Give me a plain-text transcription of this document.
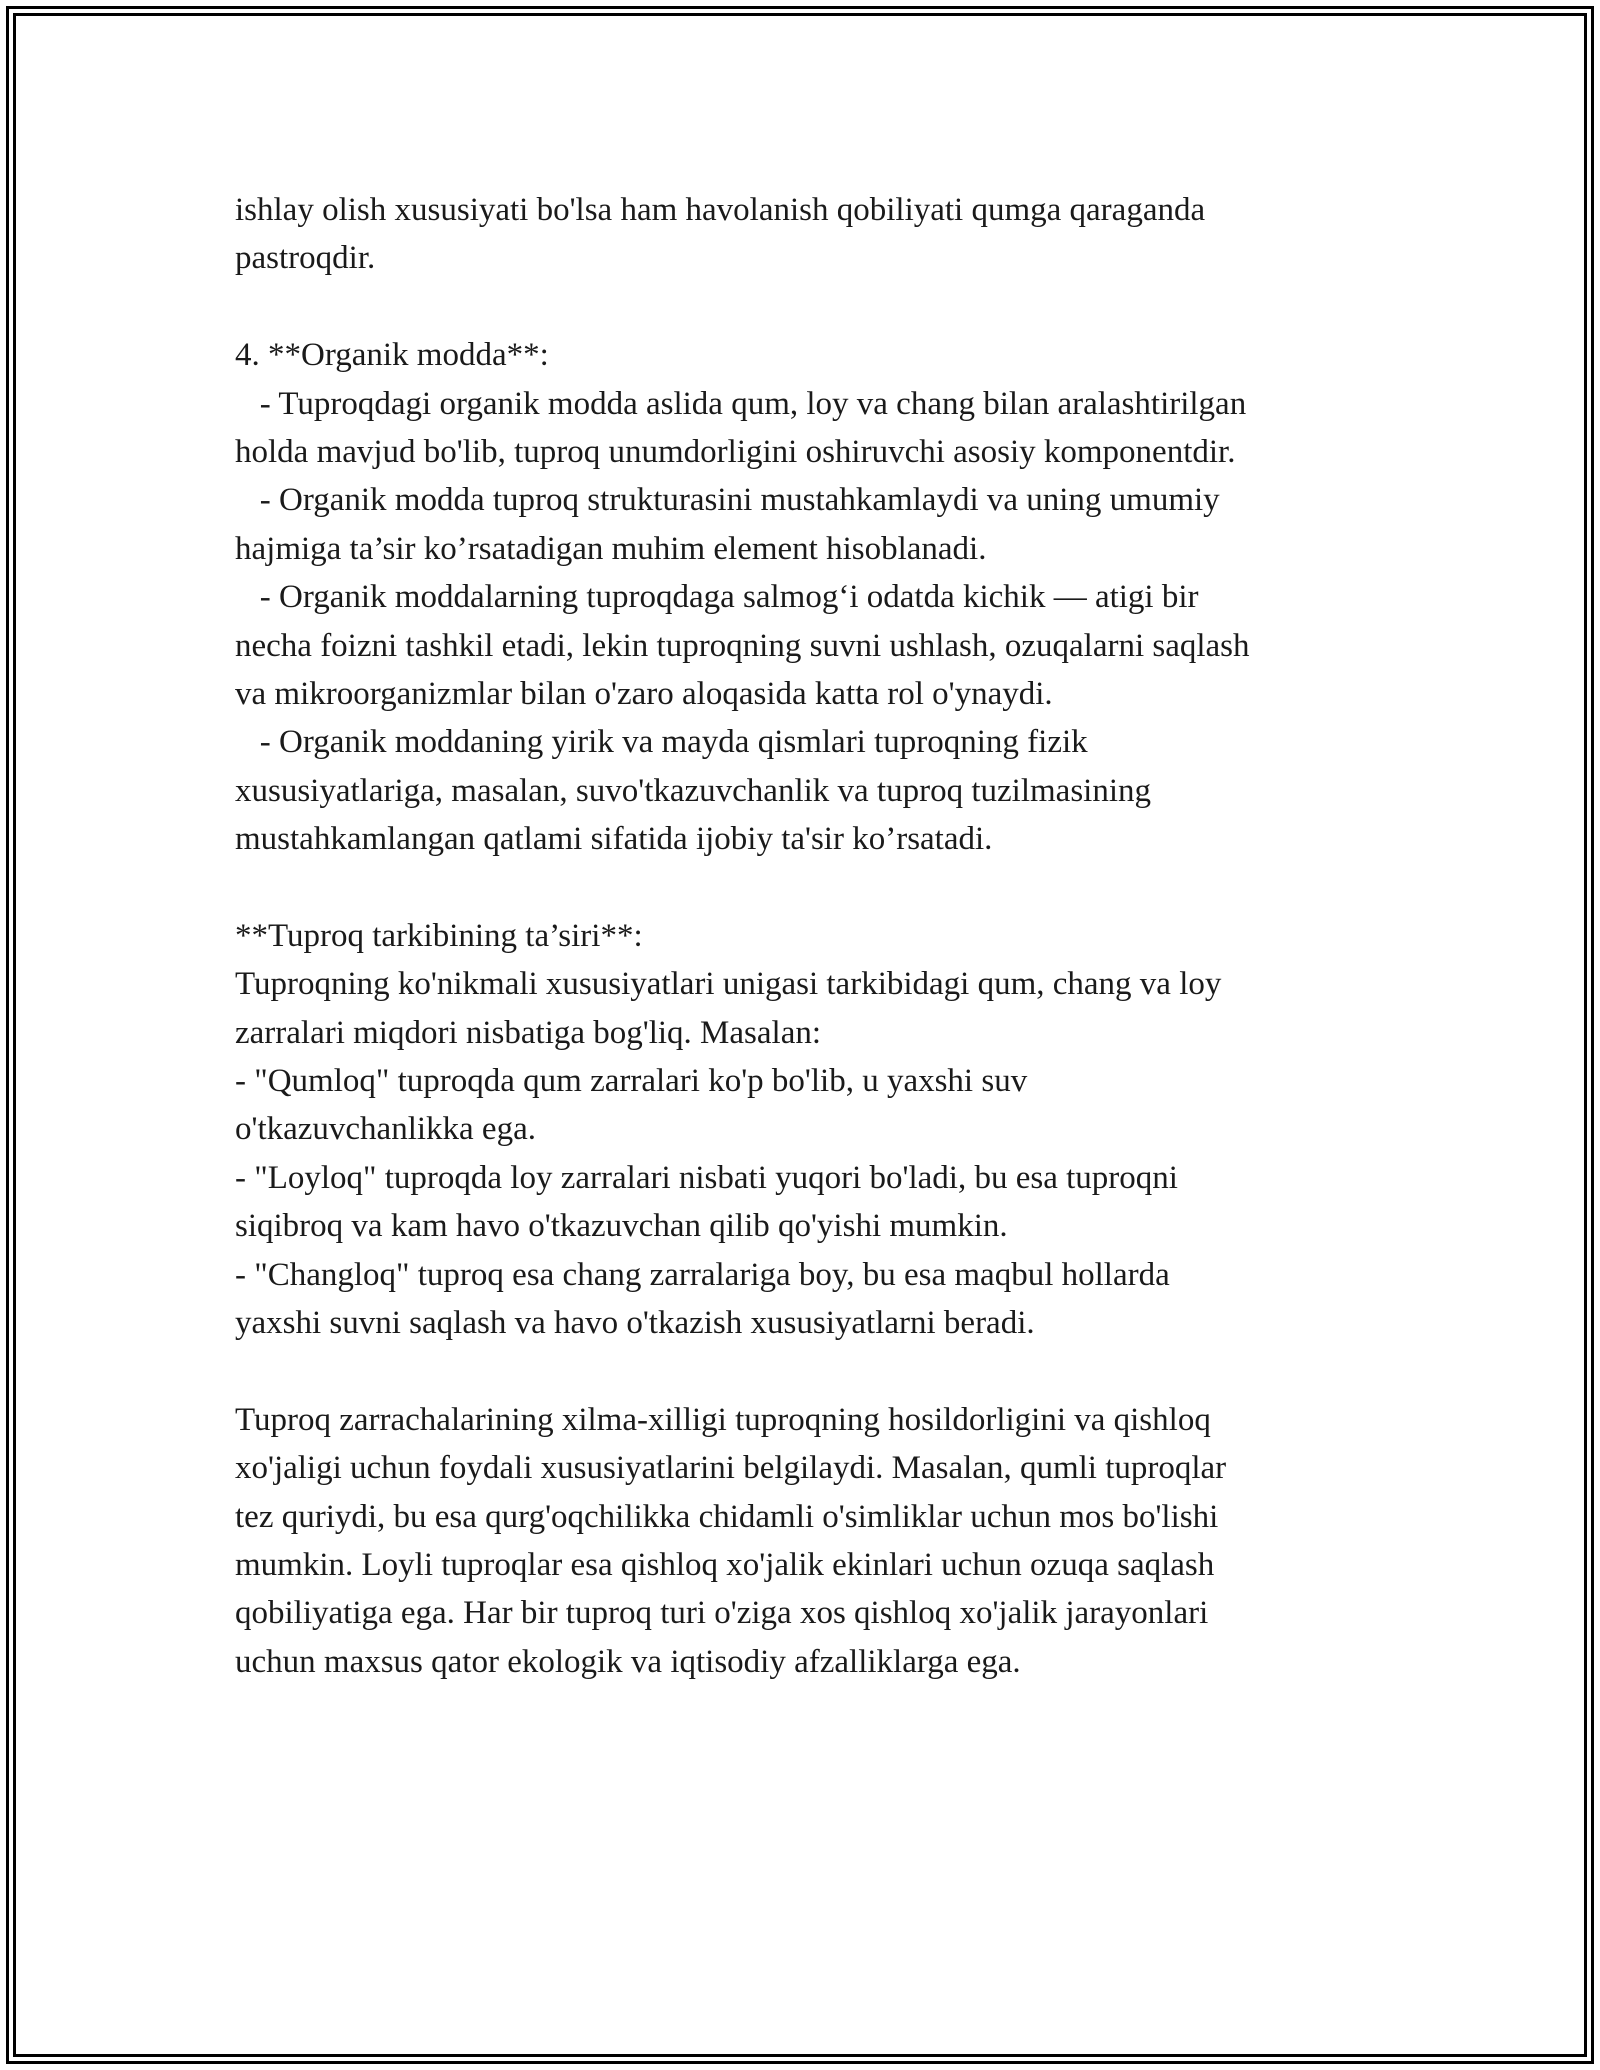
ishlay olish xususiyati bo'lsa ham havolanish qobiliyati qumga qaraganda
pastroqdir.
4. **Organik modda**:
- Tuproqdagi organik modda aslida qum, loy va chang bilan aralashtirilgan
holda mavjud bo'lib, tuproq unumdorligini oshiruvchi asosiy komponentdir.
- Organik modda tuproq strukturasini mustahkamlaydi va uning umumiy
hajmiga ta’sir ko’rsatadigan muhim element hisoblanadi.
- Organik moddalarning tuproqdaga salmog‘i odatda kichik — atigi bir
necha foizni tashkil etadi, lekin tuproqning suvni ushlash, ozuqalarni saqlash
va mikroorganizmlar bilan o'zaro aloqasida katta rol o'ynaydi.
- Organik moddaning yirik va mayda qismlari tuproqning fizik
xususiyatlariga, masalan, suvo'tkazuvchanlik va tuproq tuzilmasining
mustahkamlangan qatlami sifatida ijobiy ta'sir ko’rsatadi.
**Tuproq tarkibining ta’siri**:
Tuproqning ko'nikmali xususiyatlari unigasi tarkibidagi qum, chang va loy
zarralari miqdori nisbatiga bog'liq. Masalan:
- "Qumloq" tuproqda qum zarralari ko'p bo'lib, u yaxshi suv
o'tkazuvchanlikka ega.
- "Loyloq" tuproqda loy zarralari nisbati yuqori bo'ladi, bu esa tuproqni
siqibroq va kam havo o'tkazuvchan qilib qo'yishi mumkin.
- "Changloq" tuproq esa chang zarralariga boy, bu esa maqbul hollarda
yaxshi suvni saqlash va havo o'tkazish xususiyatlarni beradi.
Tuproq zarrachalarining xilma-xilligi tuproqning hosildorligini va qishloq
xo'jaligi uchun foydali xususiyatlarini belgilaydi. Masalan, qumli tuproqlar
tez quriydi, bu esa qurg'oqchilikka chidamli o'simliklar uchun mos bo'lishi
mumkin. Loyli tuproqlar esa qishloq xo'jalik ekinlari uchun ozuqa saqlash
qobiliyatiga ega. Har bir tuproq turi o'ziga xos qishloq xo'jalik jarayonlari
uchun maxsus qator ekologik va iqtisodiy afzalliklarga ega.
